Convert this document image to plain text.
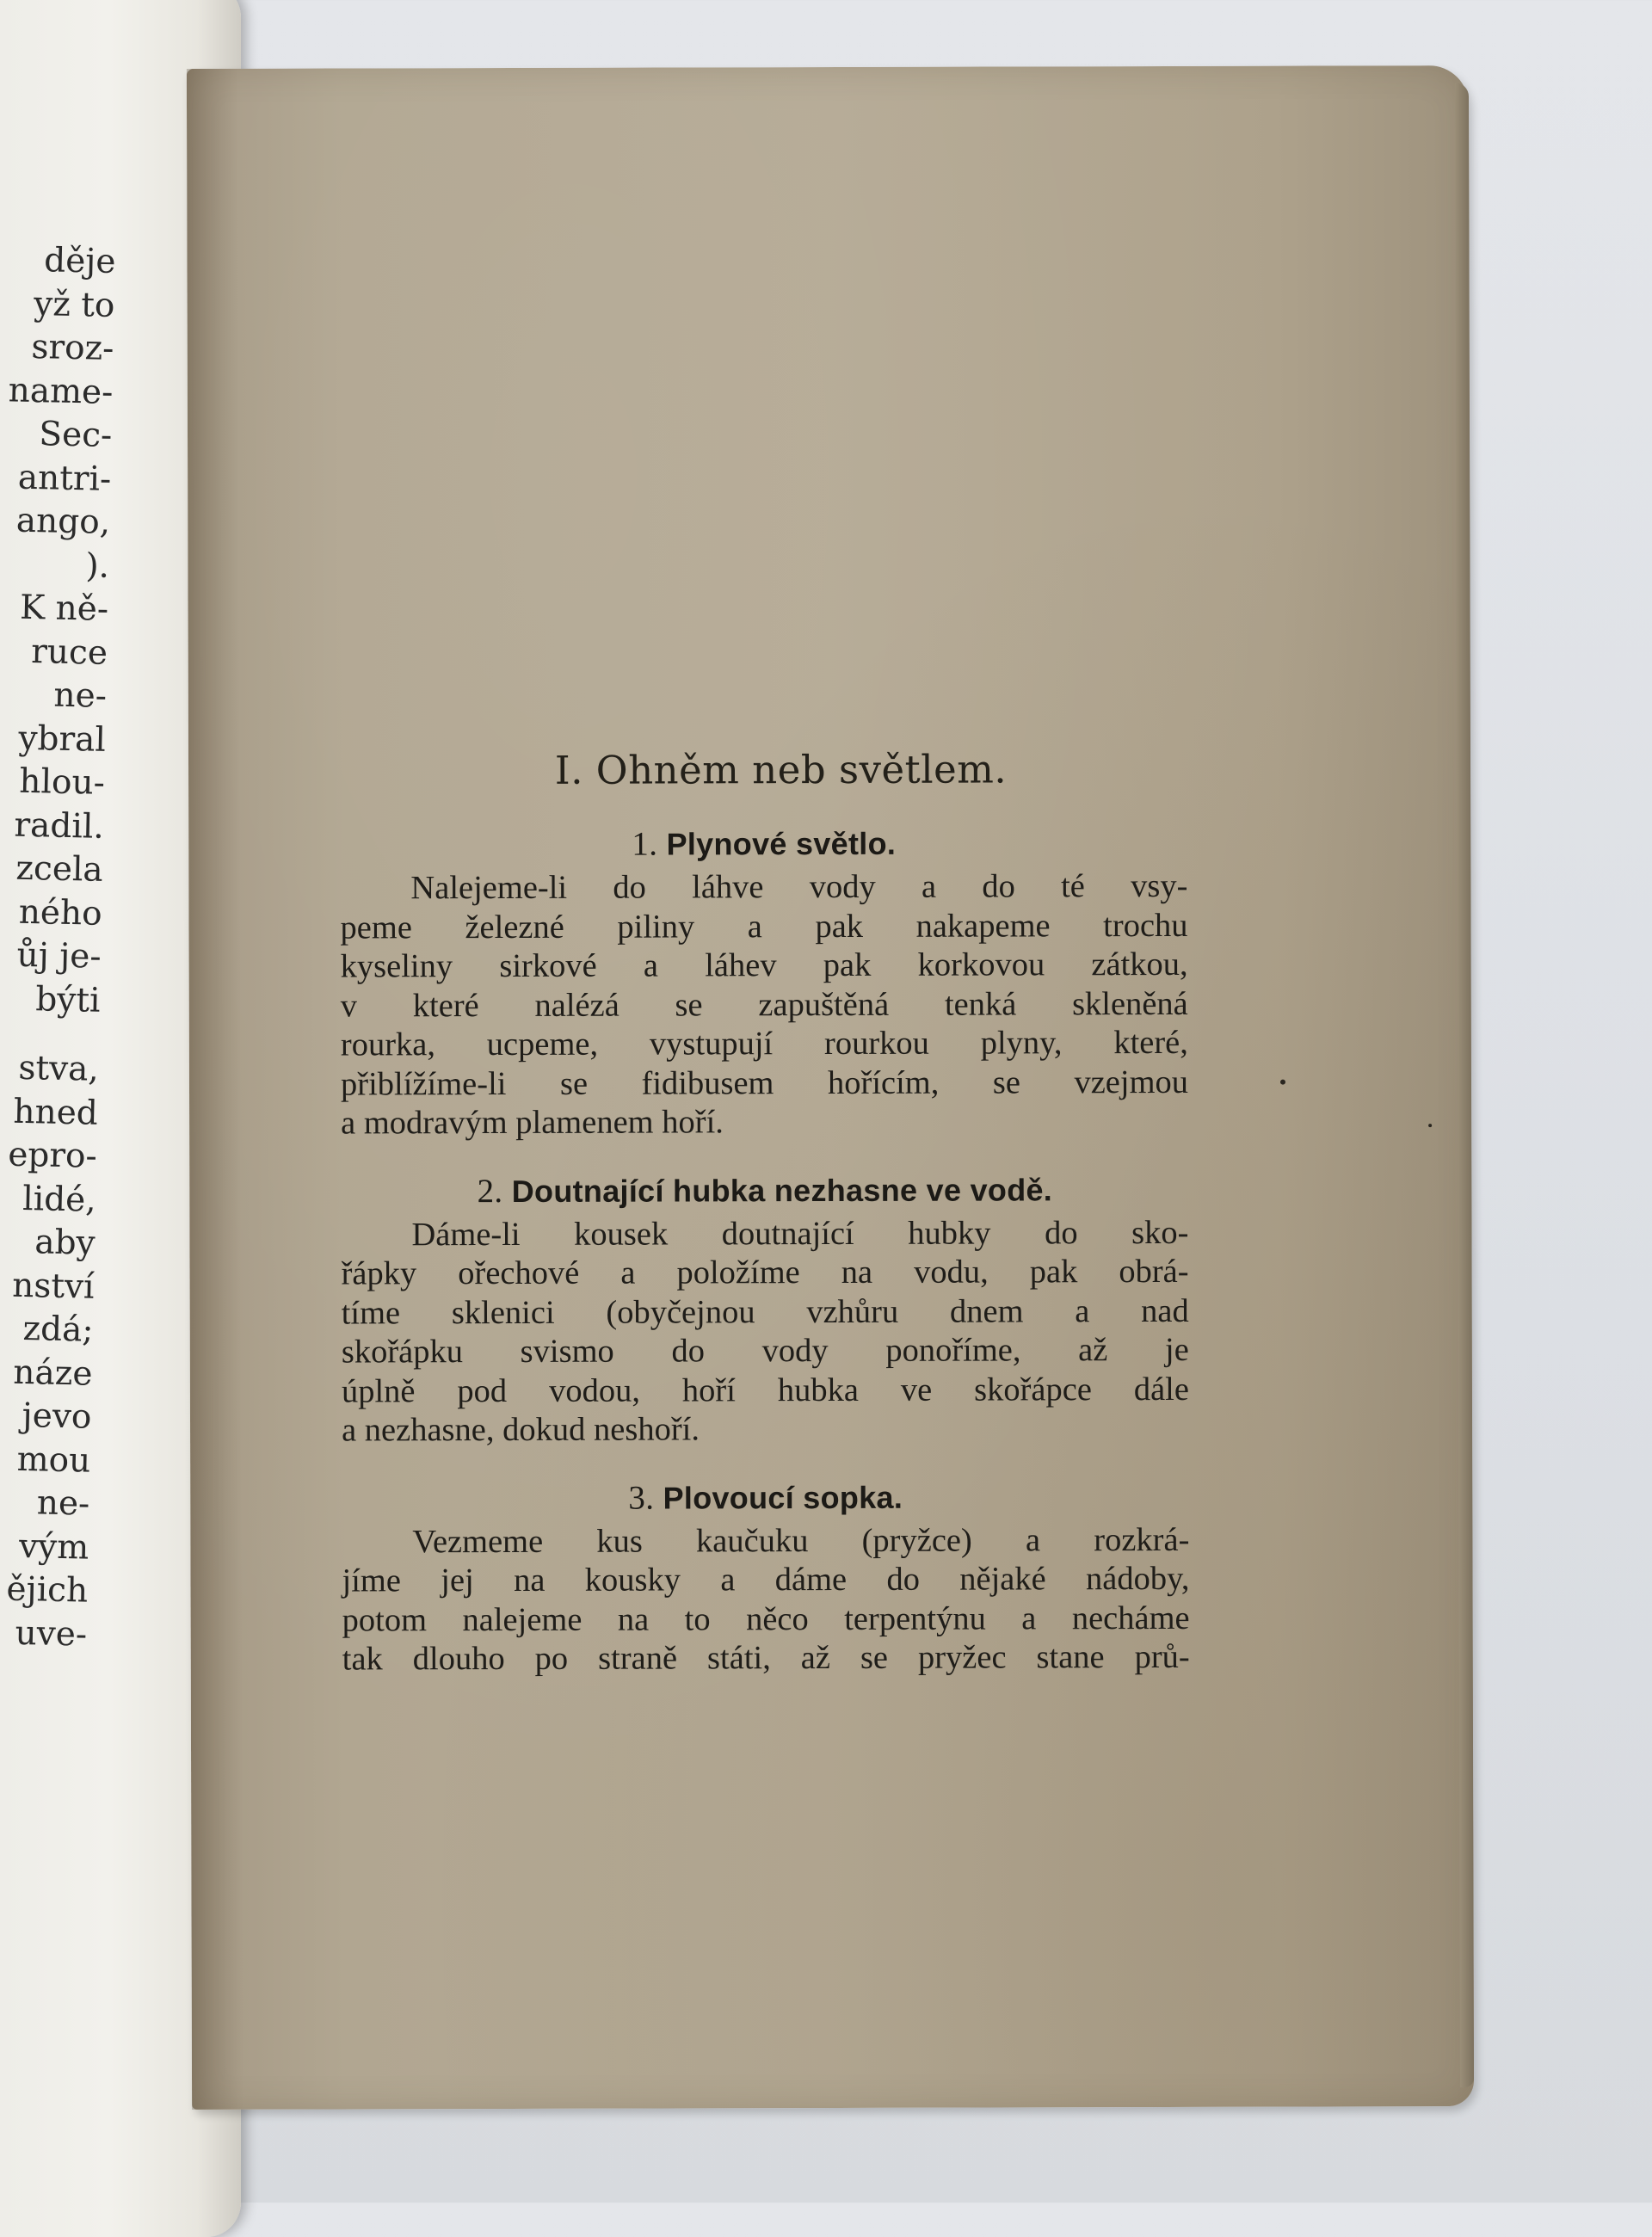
děje
yž to
sroz-
name-
Sec-
antri-
ango,
).
K ně-
ruce
ne-
ybral
hlou-
radil.
zcela
ného
ůj je-
býti
stva,
hned
epro-
lidé,
aby
nství
zdá;
náze
jevo
mou
ne-
vým
ějich
uve-
I. Ohněm neb světlem.
1. Plynové světlo.
Nalejeme-li do láhve vody a do té vsy-
peme železné piliny a pak nakapeme trochu
kyseliny sirkové a láhev pak korkovou zátkou,
v které nalézá se zapuštěná tenká skleněná
rourka, ucpeme, vystupují rourkou plyny, které,
přiblížíme-li se fidibusem hořícím, se vzejmou
a modravým plamenem hoří.
2. Doutnající hubka nezhasne ve vodě.
Dáme-li kousek doutnající hubky do sko-
řápky ořechové a položíme na vodu, pak obrá-
tíme sklenici (obyčejnou vzhůru dnem a nad
skořápku svismo do vody ponoříme, až je
úplně pod vodou, hoří hubka ve skořápce dále
a nezhasne, dokud neshoří.
3. Plovoucí sopka.
Vezmeme kus kaučuku (pryžce) a rozkrá-
jíme jej na kousky a dáme do nějaké nádoby,
potom nalejeme na to něco terpentýnu a necháme
tak dlouho po straně státi, až se pryžec stane prů-
